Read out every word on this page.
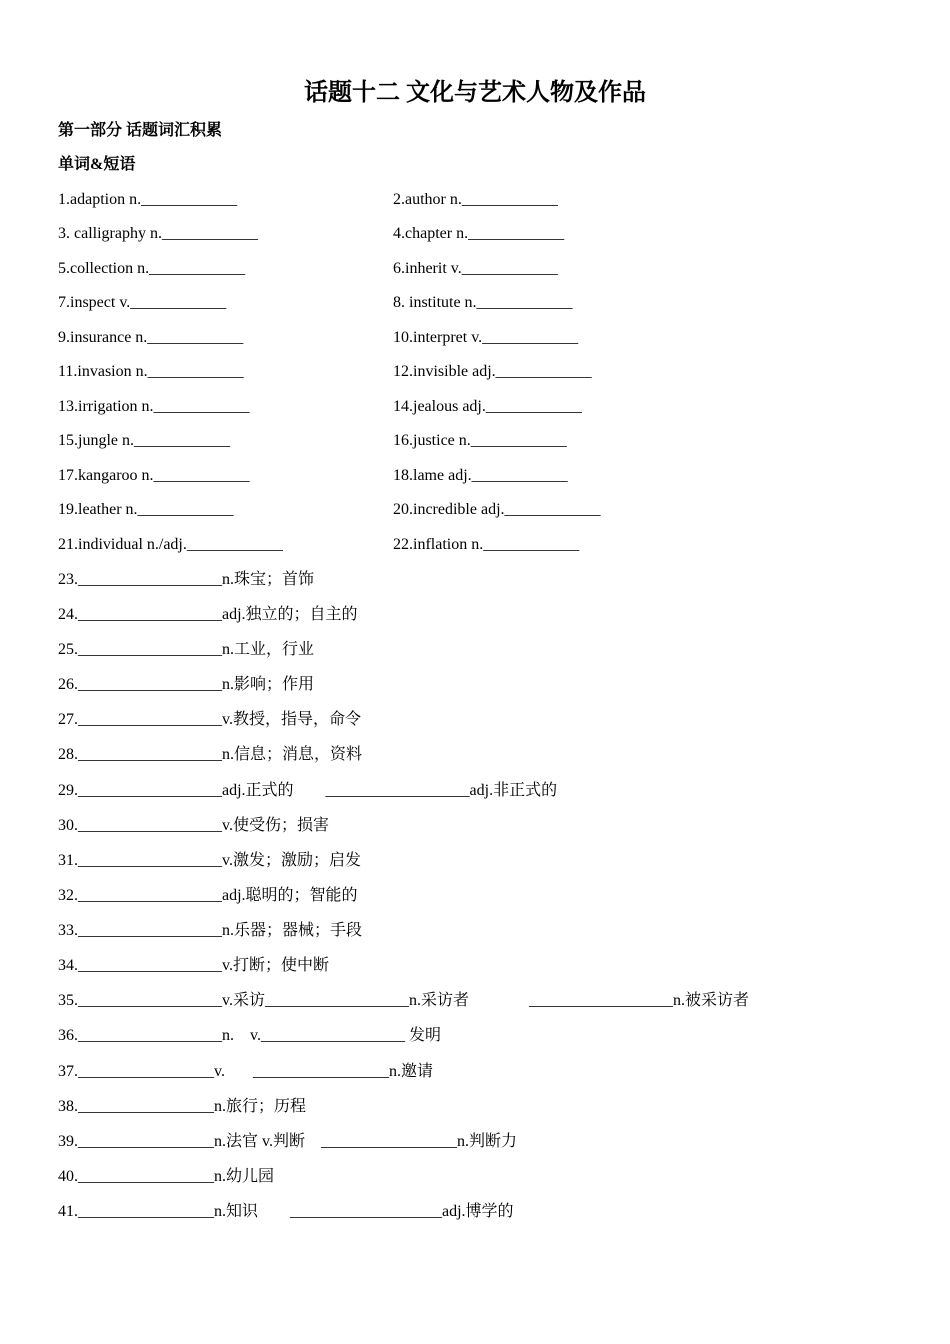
话题十二 文化与艺术人物及作品
第一部分 话题词汇积累
单词&短语
1.adaption n.____________	2.author n.____________
3. calligraphy n.____________	4.chapter n.____________
5.collection n.____________	6.inherit v.____________
7.inspect v.____________	8. institute n.____________
9.insurance n.____________	10.interpret v.____________
11.invasion n.____________	12.invisible adj.____________
13.irrigation n.____________	14.jealous adj.____________
15.jungle n.____________	16.justice n.____________
17.kangaroo n.____________	18.lame adj.____________
19.leather n.____________	20.incredible adj.____________
21.individual n./adj.____________	22.inflation n.____________
23.__________________n.珠宝；首饰
24.__________________adj.独立的；自主的
25.__________________n.工业，行业
26.__________________n.影响；作用
27.__________________v.教授，指导，命令
28.__________________n.信息；消息，资料
29.__________________adj.正式的        __________________adj.非正式的
30.__________________v.使受伤；损害
31.__________________v.激发；激励；启发
32.__________________adj.聪明的；智能的
33.__________________n.乐器；器械；手段
34.__________________v.打断；使中断
35.__________________v.采访__________________n.采访者               __________________n.被采访者
36.__________________n.    v.__________________ 发明
37._________________v.       _________________n.邀请
38._________________n.旅行；历程
39._________________n.法官 v.判断    _________________n.判断力
40._________________n.幼儿园
41._________________n.知识        ___________________adj.博学的
